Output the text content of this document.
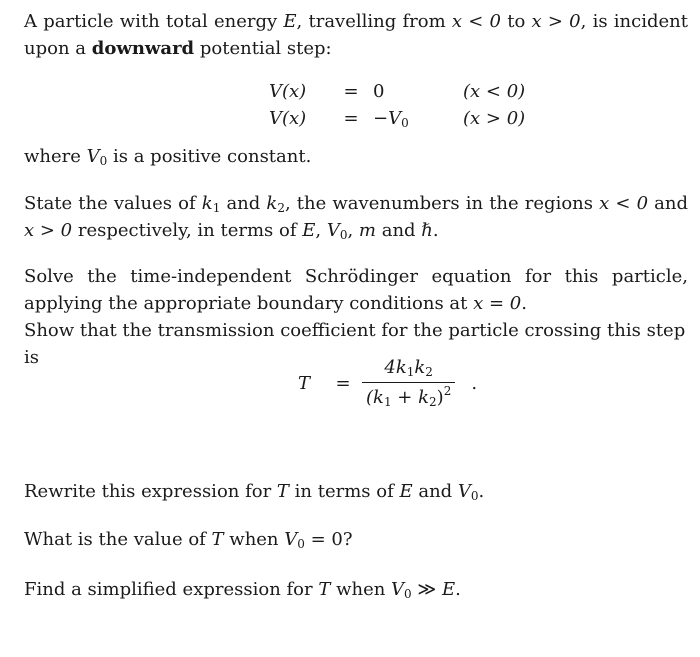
A particle with total energy E, travelling from x < 0 to x > 0, is incident upon a downward potential step:

V(x)	=	0	(x < 0)
V(x)	=	$-V_0$	(x > 0)

where $V_0$ is a positive constant.

State the values of $k_1$ and $k_2$, the wavenumbers in the regions x < 0 and x > 0 respectively, in terms of E, $V_0$, m and ℏ.

Solve the time-independent Schrödinger equation for this particle, applying the appropriate boundary conditions at x = 0.

Show that the transmission coefficient for the particle crossing this step is

T	= $\frac{4k_1k_2}{(k_1 + k_2)^2}$ .

Rewrite this expression for T in terms of E and $V_0$.

What is the value of T when $V_0 = 0$?

Find a simplified expression for T when $V_0$ ≫ E.
